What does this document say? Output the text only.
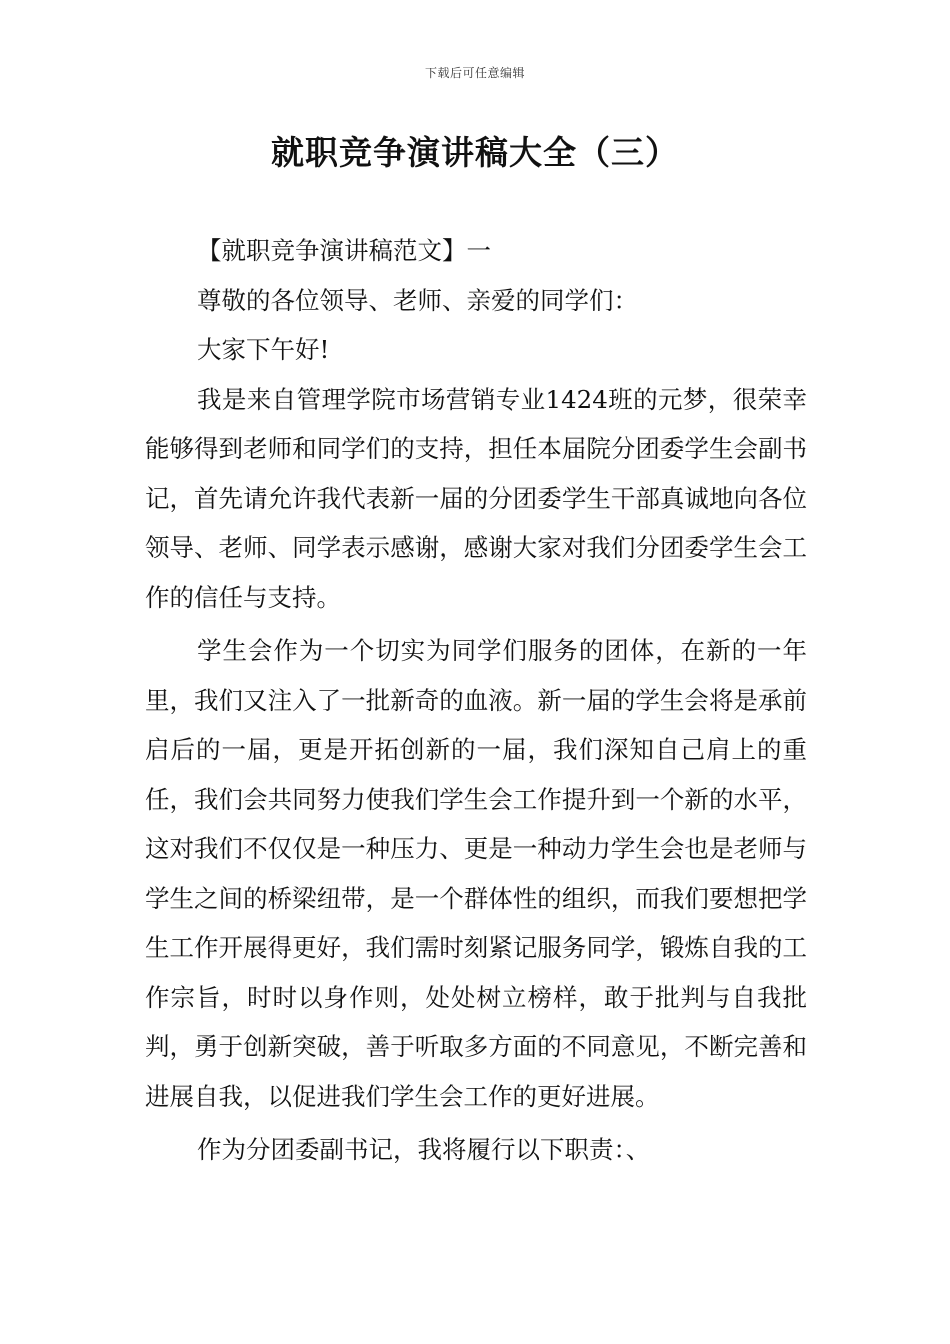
下载后可任意编辑
就职竞争演讲稿大全（三）

【就职竞争演讲稿范文】一

尊敬的各位领导、老师、亲爱的同学们：

大家下午好!

我是来自管理学院市场营销专业1424班的元梦，很荣幸能够得到老师和同学们的支持，担任本届院分团委学生会副书记，首先请允许我代表新一届的分团委学生干部真诚地向各位领导、老师、同学表示感谢，感谢大家对我们分团委学生会工作的信任与支持。

学生会作为一个切实为同学们服务的团体，在新的一年里，我们又注入了一批新奇的血液。新一届的学生会将是承前启后的一届，更是开拓创新的一届，我们深知自己肩上的重任，我们会共同努力使我们学生会工作提升到一个新的水平，这对我们不仅仅是一种压力、更是一种动力学生会也是老师与学生之间的桥梁纽带，是一个群体性的组织，而我们要想把学生工作开展得更好，我们需时刻紧记服务同学，锻炼自我的工作宗旨，时时以身作则，处处树立榜样，敢于批判与自我批判，勇于创新突破，善于听取多方面的不同意见，不断完善和进展自我，以促进我们学生会工作的更好进展。

作为分团委副书记，我将履行以下职责：、
